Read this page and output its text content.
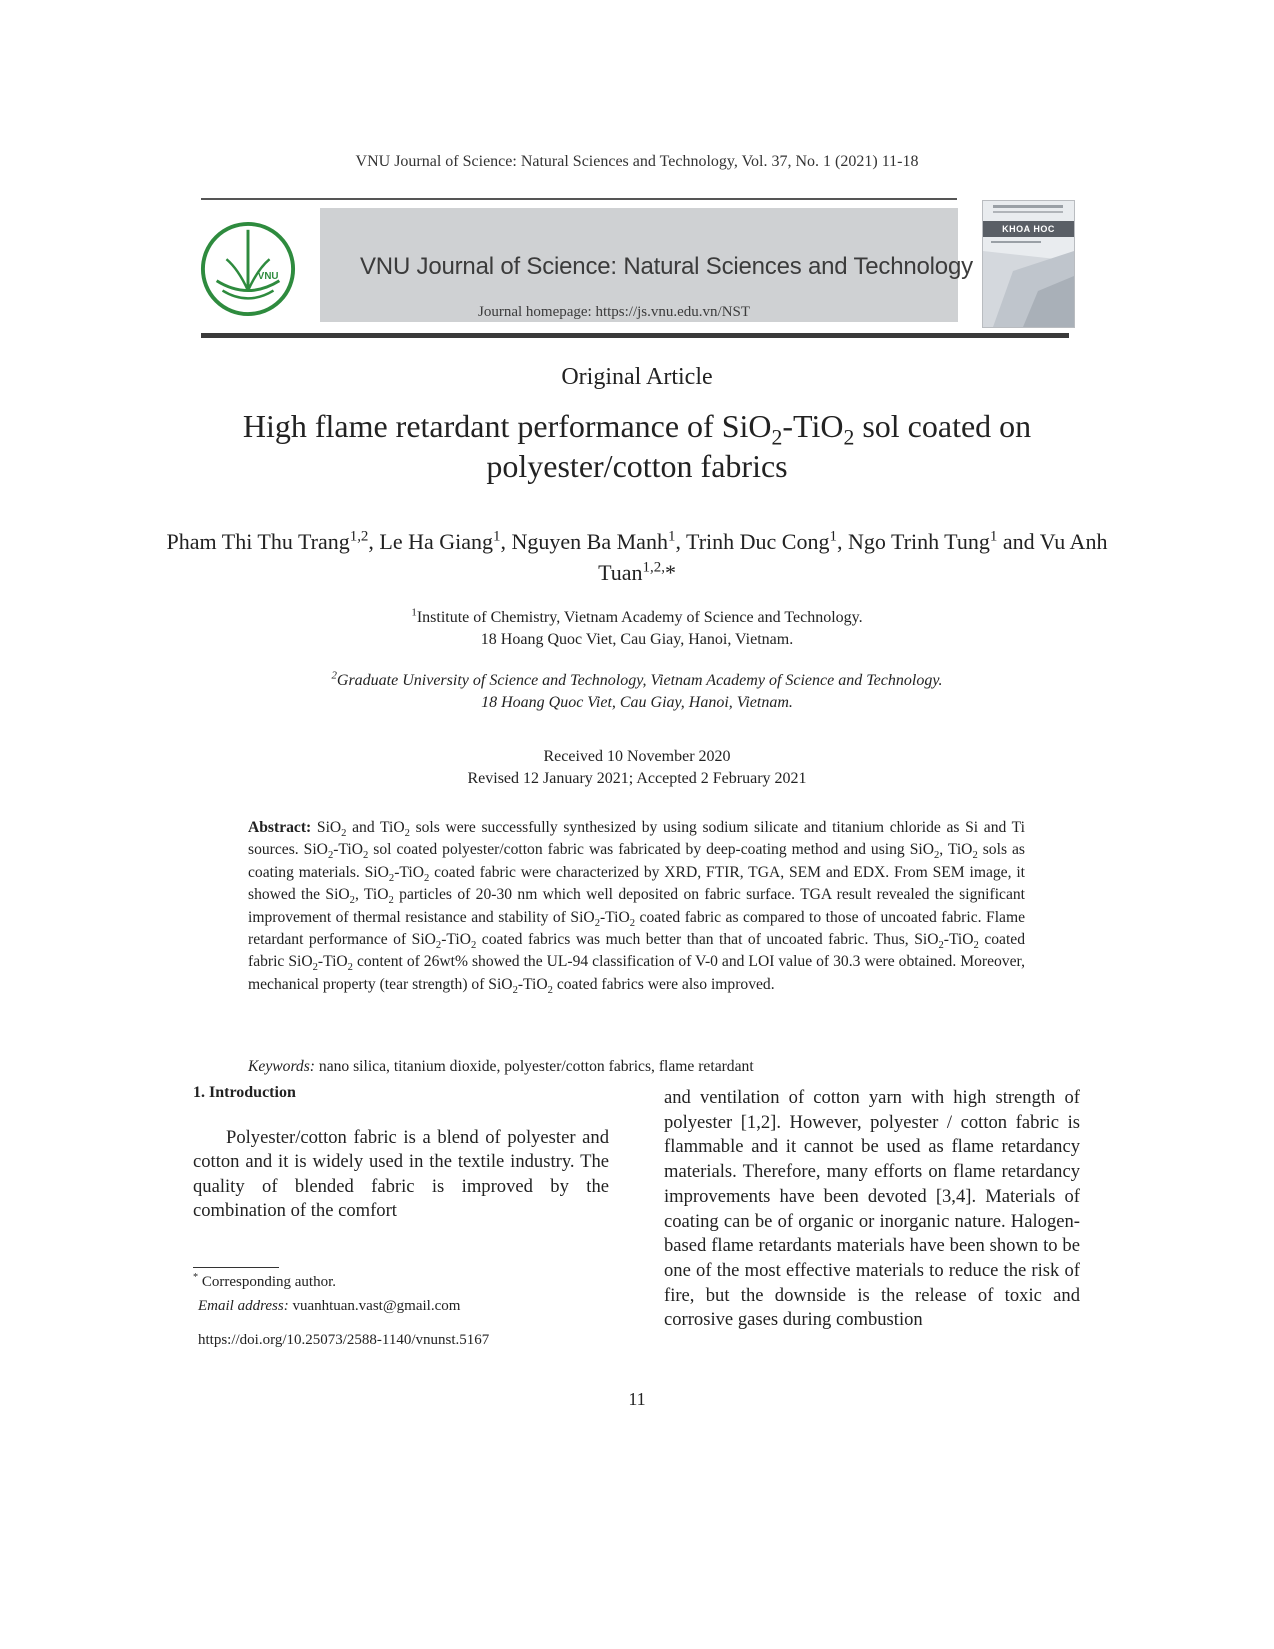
VNU Journal of Science: Natural Sciences and Technology, Vol. 37, No. 1 (2021) 11-18
VNU	VNU Journal of Science: Natural Sciences and Technology
Journal homepage: https://js.vnu.edu.vn/NST
KHOA HOC
Original Article
High flame retardant performance of SiO$_2$-TiO$_2$ sol coated on polyester/cotton fabrics
Pham Thi Thu Trang$^{1,2}$, Le Ha Giang$^1$, Nguyen Ba Manh$^1$, Trinh Duc Cong$^1$, Ngo Trinh Tung$^1$ and Vu Anh Tuan$^{1,2,}$*
$^1$Institute of Chemistry, Vietnam Academy of Science and Technology.
18 Hoang Quoc Viet, Cau Giay, Hanoi, Vietnam.
$^2$Graduate University of Science and Technology, Vietnam Academy of Science and Technology.
18 Hoang Quoc Viet, Cau Giay, Hanoi, Vietnam.
Received 10 November 2020
Revised 12 January 2021; Accepted 2 February 2021
Abstract: SiO$_2$ and TiO$_2$ sols were successfully synthesized by using sodium silicate and titanium chloride as Si and Ti sources. SiO$_2$-TiO$_2$ sol coated polyester/cotton fabric was fabricated by deep-coating method and using SiO$_2$, TiO$_2$ sols as coating materials. SiO$_2$-TiO$_2$ coated fabric were characterized by XRD, FTIR, TGA, SEM and EDX. From SEM image, it showed the SiO$_2$, TiO$_2$ particles of 20-30 nm which well deposited on fabric surface. TGA result revealed the significant improvement of thermal resistance and stability of SiO$_2$-TiO$_2$ coated fabric as compared to those of uncoated fabric. Flame retardant performance of SiO$_2$-TiO$_2$ coated fabrics was much better than that of uncoated fabric. Thus, SiO$_2$-TiO$_2$ coated fabric SiO$_2$-TiO$_2$ content of 26wt% showed the UL-94 classification of V-0 and LOI value of 30.3 were obtained. Moreover, mechanical property (tear strength) of SiO$_2$-TiO$_2$ coated fabrics were also improved.
Keywords: nano silica, titanium dioxide, polyester/cotton fabrics, flame retardant
1. Introduction
Polyester/cotton fabric is a blend of polyester and cotton and it is widely used in the textile industry. The quality of blended fabric is improved by the combination of the comfort
and ventilation of cotton yarn with high strength of polyester [1,2]. However, polyester / cotton fabric is flammable and it cannot be used as flame retardancy materials. Therefore, many efforts on flame retardancy improvements have been devoted [3,4]. Materials of coating can be of organic or inorganic nature. Halogen-based flame retardants materials have been shown to be one of the most effective materials to reduce the risk of fire, but the downside is the release of toxic and corrosive gases during combustion
* Corresponding author.
Email address: vuanhtuan.vast@gmail.com
https://doi.org/10.25073/2588-1140/vnunst.5167
11
